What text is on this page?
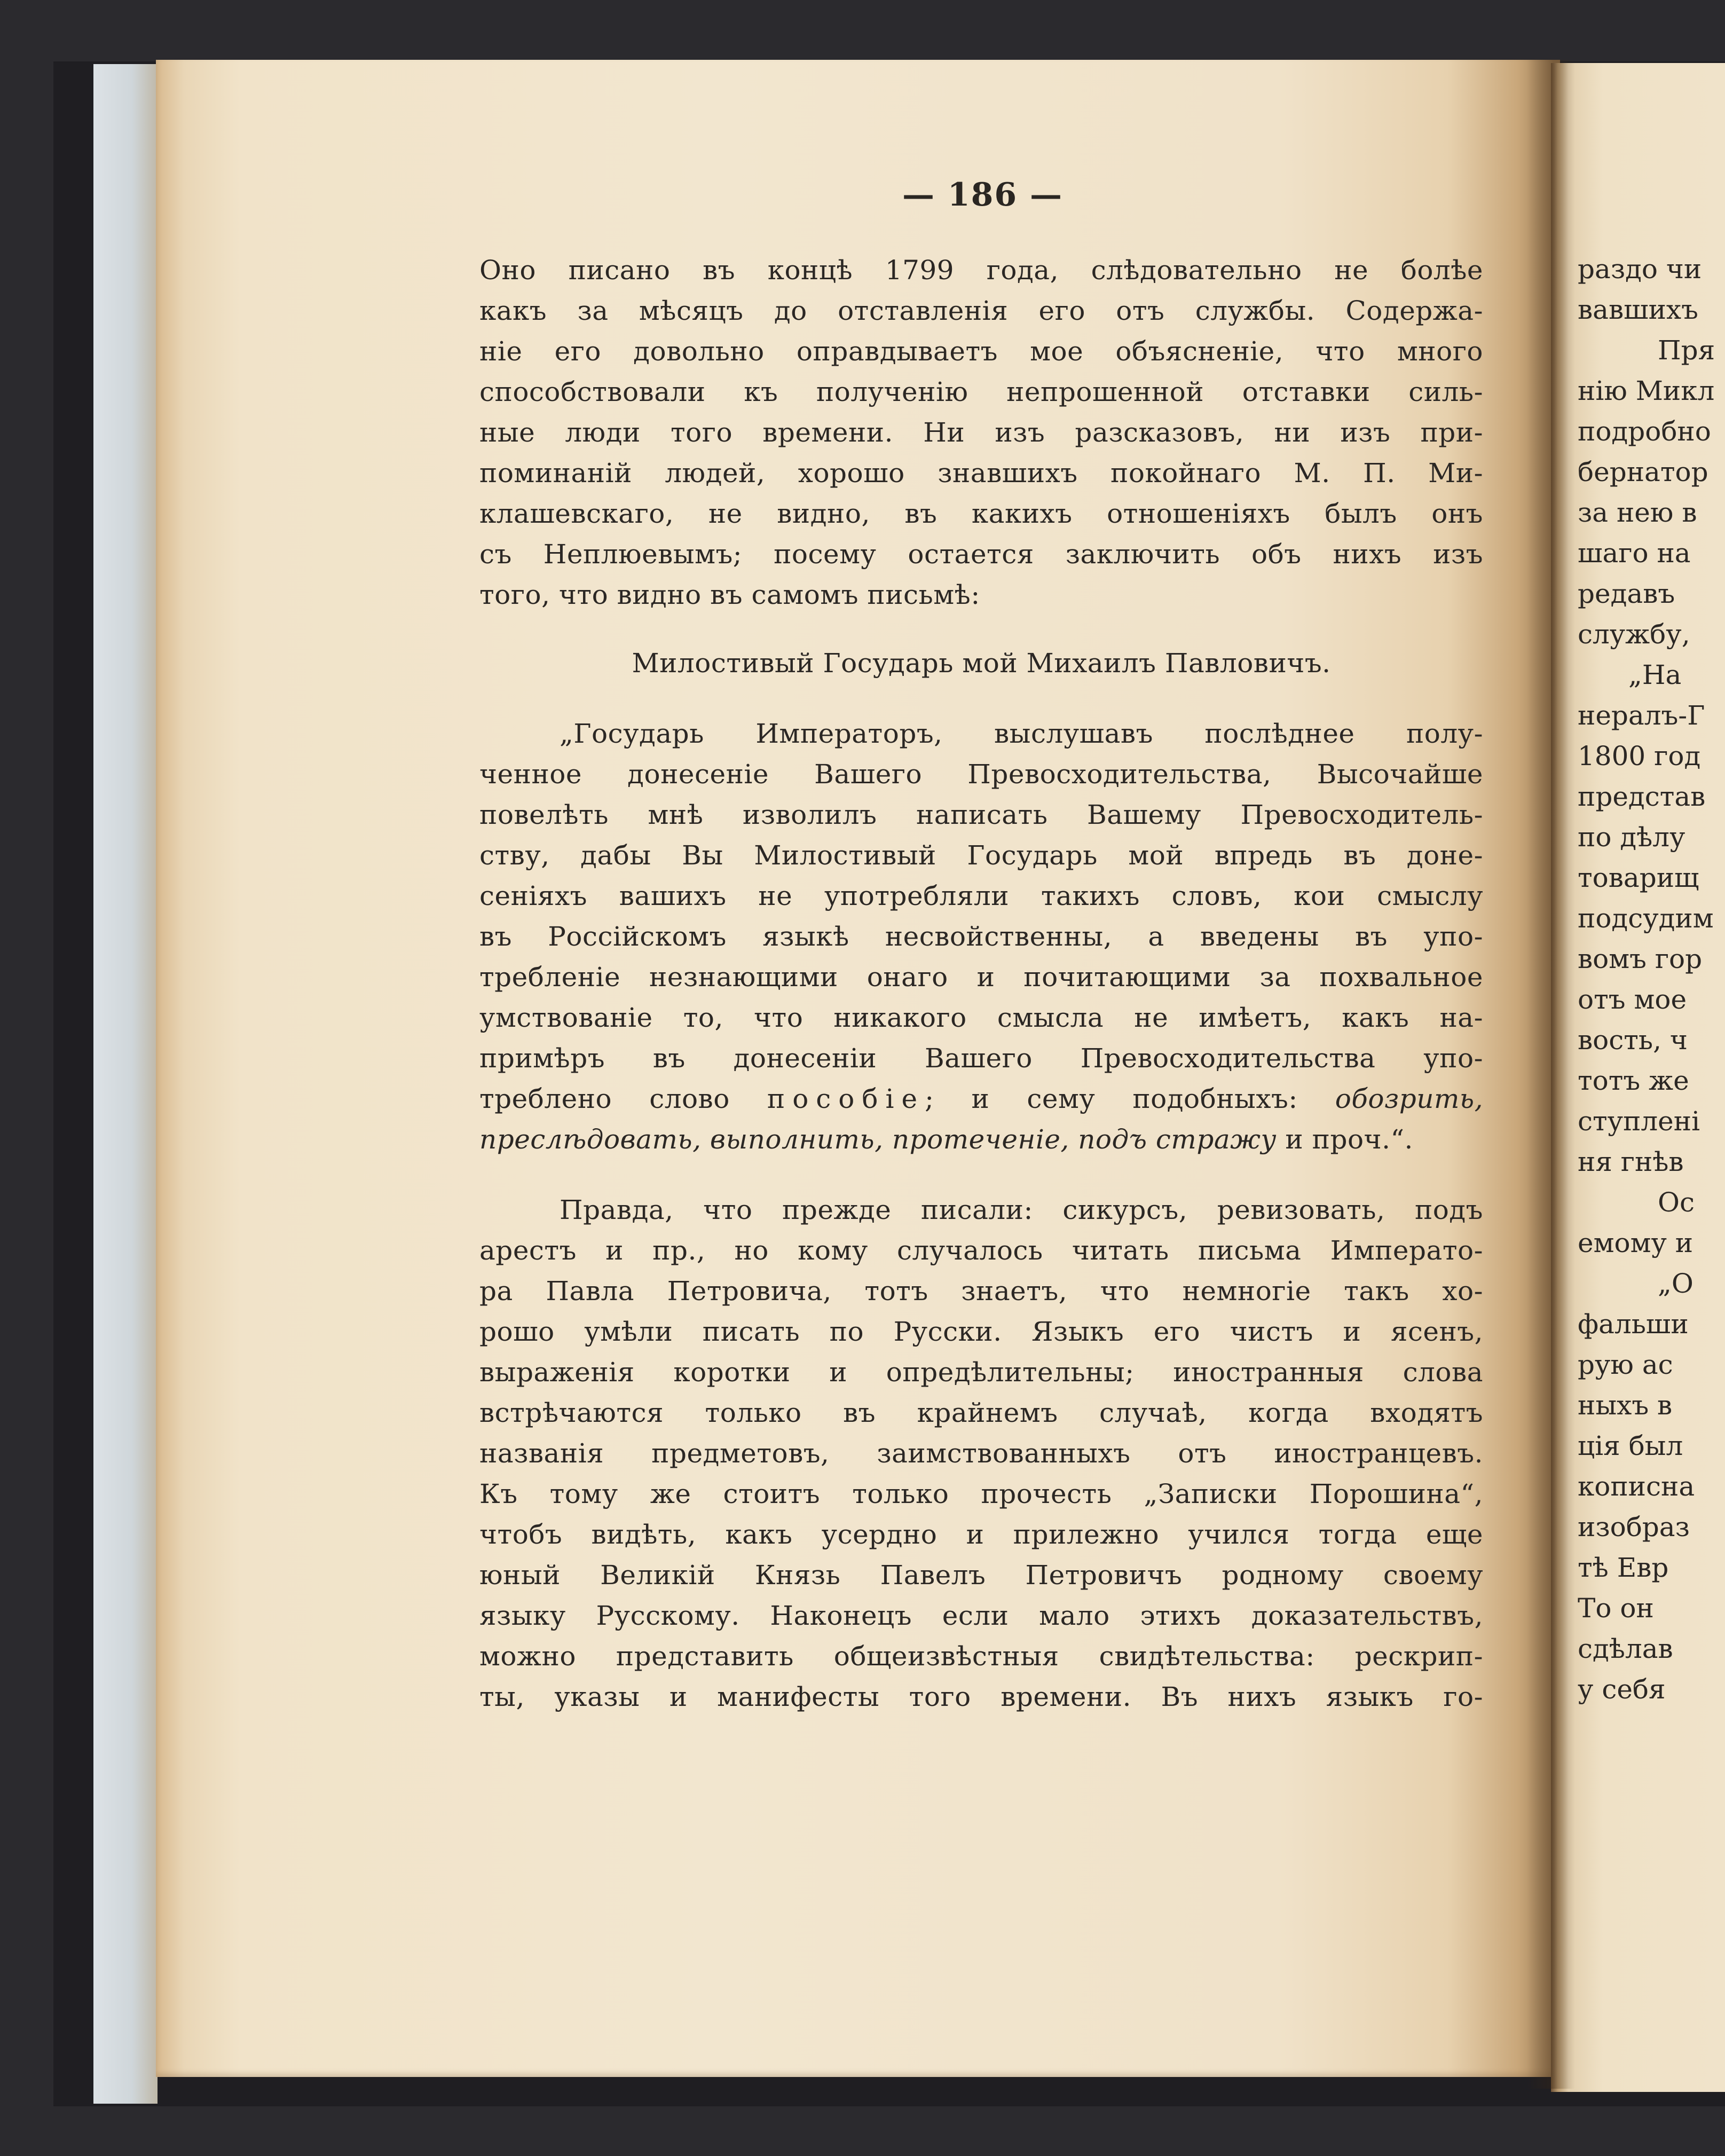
— 186 —
Оно писано въ концѣ 1799 года, слѣдовательно не болѣе
какъ за мѣсяцъ до отставленія его отъ службы. Содержа-
ніе его довольно оправдываетъ мое объясненіе, что много
способствовали къ полученію непрошенной отставки силь-
ные люди того времени. Ни изъ разсказовъ, ни изъ при-
поминаній людей, хорошо знавшихъ покойнаго М. П. Ми-
клашевскаго, не видно, въ какихъ отношеніяхъ былъ онъ
съ Неплюевымъ; посему остается заключить объ нихъ изъ
того, что видно въ самомъ письмѣ:
Милостивый Государь мой Михаилъ Павловичъ.
„Государь Императоръ, выслушавъ послѣднее полу-
ченное донесеніе Вашего Превосходительства, Высочайше
повелѣть мнѣ изволилъ написать Вашему Превосходитель-
ству, дабы Вы Милостивый Государь мой впредь въ доне-
сеніяхъ вашихъ не употребляли такихъ словъ, кои смыслу
въ Россійскомъ языкѣ несвойственны, а введены въ упо-
требленіе незнающими онаго и почитающими за похвальное
умствованіе то, что никакого смысла не имѣетъ, какъ на-
примѣръ въ донесеніи Вашего Превосходительства упо-
треблено слово пособіе; и сему подобныхъ: обозрить,
преслѣдовать, выполнить, протеченіе, подъ стражу и проч.“.
Правда, что прежде писали: сикурсъ, ревизовать, подъ
арестъ и пр., но кому случалось читать письма Императо-
ра Павла Петровича, тотъ знаетъ, что немногіе такъ хо-
рошо умѣли писать по Русски. Языкъ его чистъ и ясенъ,
выраженія коротки и опредѣлительны; иностранныя слова
встрѣчаются только въ крайнемъ случаѣ, когда входятъ
названія предметовъ, заимствованныхъ отъ иностранцевъ.
Къ тому же стоитъ только прочесть „Записки Порошина“,
чтобъ видѣть, какъ усердно и прилежно учился тогда еще
юный Великій Князь Павелъ Петровичъ родному своему
языку Русскому. Наконецъ если мало этихъ доказательствъ,
можно представить общеизвѣстныя свидѣтельства: рескрип-
ты, указы и манифесты того времени. Въ нихъ языкъ го-
раздо чи
вавшихъ
Пря
нію Микл
подробно
бернатор
за нею в
шаго на
редавъ
службу,
„На
нералъ-Г
1800 год
представ
по дѣлу
товарищ
подсудим
вомъ гор
отъ мое
вость, ч
тотъ же
ступлені
ня гнѣв
Ос
емому и
„О
фальши
рую ас
ныхъ в
ція был
кописна
изобраз
тѣ Евр
То он
сдѣлав
у себя
